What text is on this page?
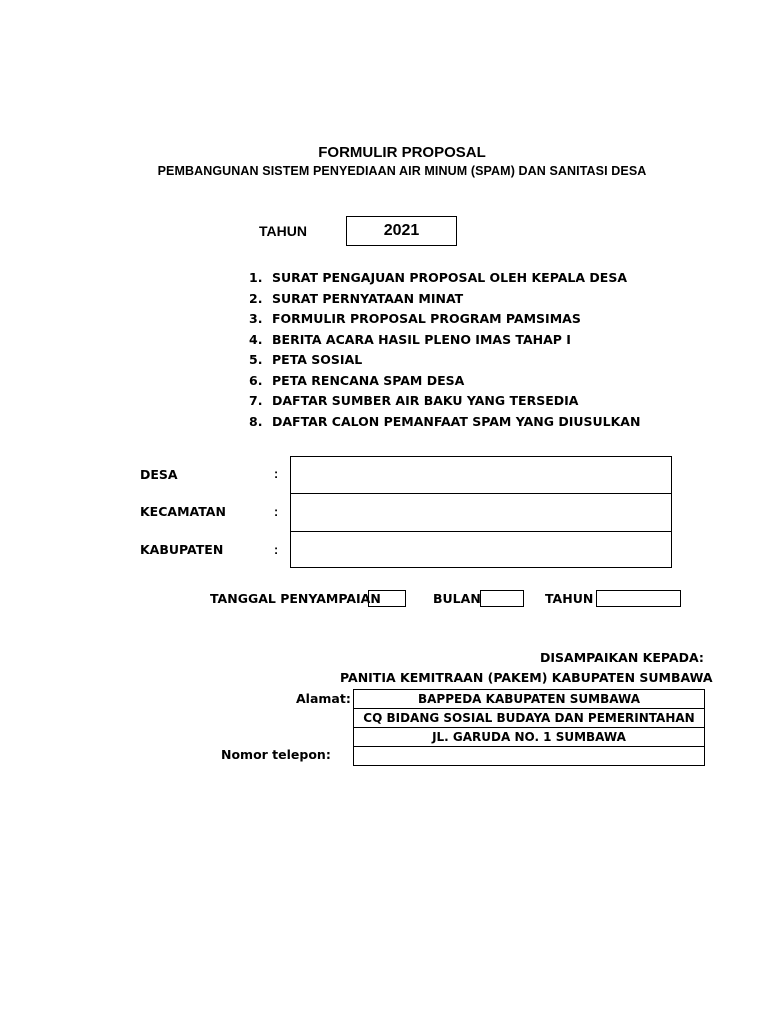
FORMULIR PROPOSAL
PEMBANGUNAN SISTEM PENYEDIAAN AIR MINUM (SPAM) DAN SANITASI DESA
TAHUN	2021
1. SURAT PENGAJUAN PROPOSAL OLEH KEPALA DESA
2. SURAT PERNYATAAN MINAT
3. FORMULIR PROPOSAL PROGRAM PAMSIMAS
4. BERITA ACARA HASIL PLENO IMAS TAHAP I
5. PETA SOSIAL
6. PETA RENCANA SPAM DESA
7. DAFTAR SUMBER AIR BAKU YANG TERSEDIA
8. DAFTAR CALON PEMANFAAT SPAM YANG DIUSULKAN
DESA	:
KECAMATAN	:
KABUPATEN	:
TANGGAL PENYAMPAIAN	BULAN	TAHUN
DISAMPAIKAN KEPADA:
PANITIA KEMITRAAN (PAKEM) KABUPATEN SUMBAWA
Alamat:	BAPPEDA KABUPATEN SUMBAWA
CQ BIDANG SOSIAL BUDAYA DAN PEMERINTAHAN
JL. GARUDA NO. 1 SUMBAWA

Nomor telepon:
